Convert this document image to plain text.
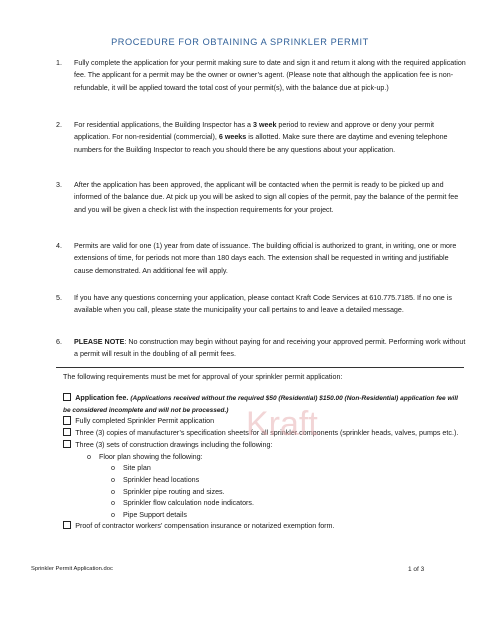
PROCEDURE FOR OBTAINING A SPRINKLER PERMIT
1.	Fully complete the application for your permit making sure to date and sign it and return it along with the required application fee. The applicant for a permit may be the owner or owner’s agent. (Please note that although the application fee is non-refundable, it will be applied toward the total cost of your permit(s), with the balance due at pick-up.)
2.	For residential applications, the Building Inspector has a 3 week period to review and approve or deny your permit application. For non-residential (commercial), 6 weeks is allotted. Make sure there are daytime and evening telephone numbers for the Building Inspector to reach you should there be any questions about your application.
3.	After the application has been approved, the applicant will be contacted when the permit is ready to be picked up and informed of the balance due. At pick up you will be asked to sign all copies of the permit, pay the balance of the permit fee and you will be given a check list with the inspection requirements for your project.
4.	Permits are valid for one (1) year from date of issuance. The building official is authorized to grant, in writing, one or more extensions of time, for periods not more than 180 days each. The extension shall be requested in writing and justifiable cause demonstrated. An additional fee will apply.
5.	If you have any questions concerning your application, please contact Kraft Code Services at 610.775.7185. If no one is available when you call, please state the municipality your call pertains to and leave a detailed message.
6.	PLEASE NOTE: No construction may begin without paying for and receiving your approved permit. Performing work without a permit will result in the doubling of all permit fees.
The following requirements must be met for approval of your sprinkler permit application:
Application fee. (Applications received without the required $50 (Residential) $150.00 (Non-Residential) application fee will be considered incomplete and will not be processed.)
Fully completed Sprinkler Permit application
Three (3) copies of manufacturer’s specification sheets for all sprinkler components (sprinkler heads, valves, pumps etc.).
Three (3) sets of construction drawings including the following:
o Floor plan showing the following:
o Site plan
o Sprinkler head locations
o Sprinkler pipe routing and sizes.
o Sprinkler flow calculation node indicators.
o Pipe Support details
Proof of contractor workers’ compensation insurance or notarized exemption form.
Kraft
Sprinkler Permit Application.doc	1 of 3
